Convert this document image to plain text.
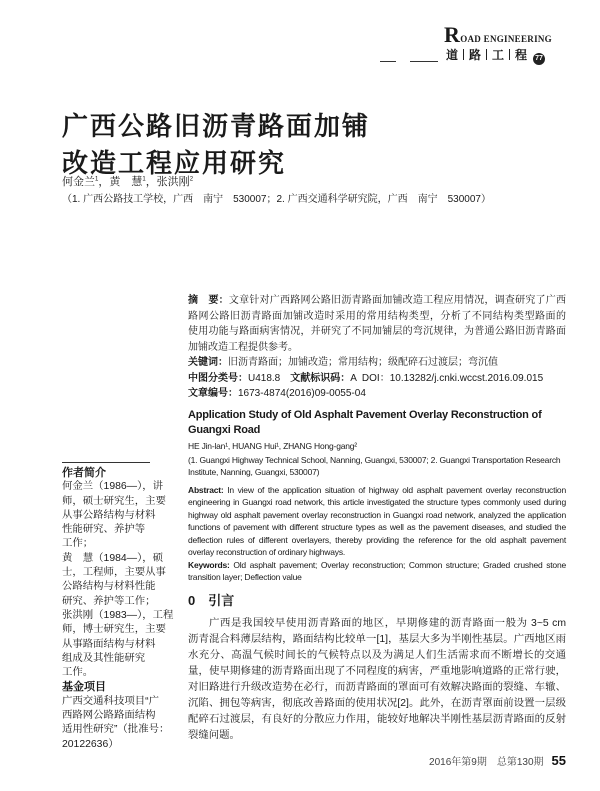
ROAD ENGINEERING
道 路 工 程 77
广西公路旧沥青路面加铺
改造工程应用研究
何金兰$^1$，黄　慧$^1$，张洪刚$^2$
（1. 广西公路技工学校，广西　南宁　530007；2. 广西交通科学研究院，广西　南宁　530007）
摘　要：文章针对广西路网公路旧沥青路面加铺改造工程应用情况，调查研究了广西
路网公路旧沥青路面加铺改造时采用的常用结构类型，分析了不同结构类型路面的
使用功能与路面病害情况，并研究了不同加铺层的弯沉规律，为普通公路旧沥青路面
加铺改造工程提供参考。
关键词：旧沥青路面；加铺改造；常用结构；级配碎石过渡层；弯沉值
中图分类号：U418.8  文献标识码：A  DOI：10.13282/j.cnki.wccst.2016.09.015
文章编号：1673-4874(2016)09-0055-04
Application Study of Old Asphalt Pavement Overlay Reconstruction of Guangxi Road
HE Jin-lan¹, HUANG Hui¹, ZHANG Hong-gang²
(1. Guangxi Highway Technical School, Nanning, Guangxi, 530007; 2. Guangxi Transportation Research Institute, Nanning, Guangxi, 530007)
Abstract: In view of the application situation of highway old asphalt pavement overlay reconstruction engineering in Guangxi road network, this article investigated the structure types commonly used during highway old asphalt pavement overlay reconstruction in Guangxi road network, analyzed the application functions of pavement with different structure types as well as the pavement diseases, and studied the deflection rules of different overlayers, thereby providing the reference for the old asphalt pavement overlay reconstruction of ordinary highways.
Keywords: Old asphalt pavement; Overlay reconstruction; Common structure; Graded crushed stone transition layer; Deflection value
0  引言
广西是我国较早使用沥青路面的地区，早期修建的沥青路面一般为 3~5 cm
沥青混合料薄层结构，路面结构比较单一[1]，基层大多为半刚性基层。广西地区雨
水充分、高温气候时间长的气候特点以及为满足人们生活需求而不断增长的交通
量，使早期修建的沥青路面出现了不同程度的病害，严重地影响道路的正常行驶，
对旧路进行升级改造势在必行，而沥青路面的罩面可有效解决路面的裂缝、车辙、
沉陷、拥包等病害，彻底改善路面的使用状况[2]。此外，在沥青罩面前设置一层级
配碎石过渡层，有良好的分散应力作用，能较好地解决半刚性基层沥青路面的反射
裂缝问题。
2016年第9期　总第130期 55
作者简介
何金兰（1986—），讲
师，硕士研究生，主要
从事公路结构与材料
性能研究、养护等
工作；
黄　慧（1984—），硕
士，工程师，主要从事
公路结构与材料性能
研究、养护等工作；
张洪刚（1983—），工程
师，博士研究生，主要
从事路面结构与材料
组成及其性能研究
工作。
基金项目
广西交通科技项目“广
西路网公路路面结构
适用性研究”（批准号：
20122636）
